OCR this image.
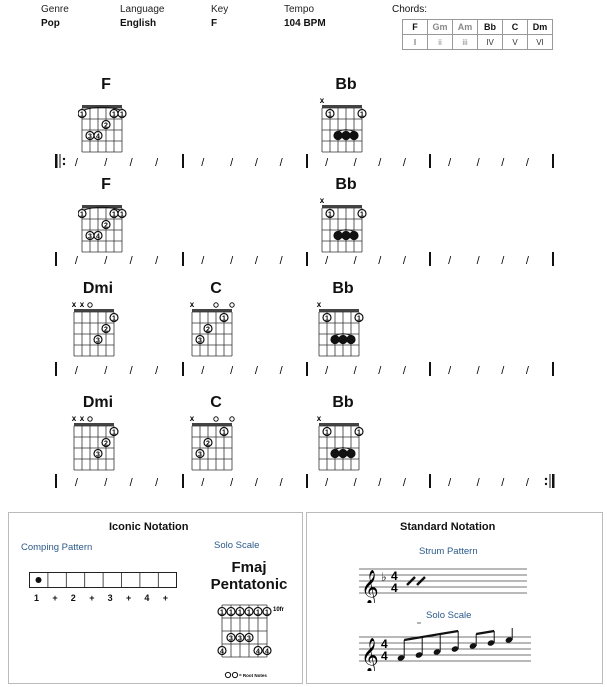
Genre
Pop
Language
English
Key
F
Tempo
104 BPM
Chords:
F	Gm	Am	Bb	C	Dm
I	ii	iii	IV	V	VI
F
1	1
1
2
3 4
Bb
x
1	1
/ / / /	/ / / /	/ / / /	/ / / /
F
1	1
1
2
3 4
Bb
x
1	1
/ / / /	/ / / /	/ / / /	/ / / /
Dmi
x x
1
2
3
C
x
1
2
3
Bb
x
1	1
/ / / /	/ / / /	/ / / /	/ / / /
Dmi
x x
1
2
3
C
x
1
2
3
Bb
x
1	1
/ / / /	/ / / /	/ / / /	/ / / /
Iconic Notation
Comping Pattern	Solo Scale
1 + 2 + 3 + 4 +
Fmaj
Pentatonic
1 1 1 1 1 1
3 3 3
4	4 4
10fr
= Root Notes
Standard Notation
Strum Pattern
Solo Scale
𝄞 ♭ 4
4
𝄞 4
4
